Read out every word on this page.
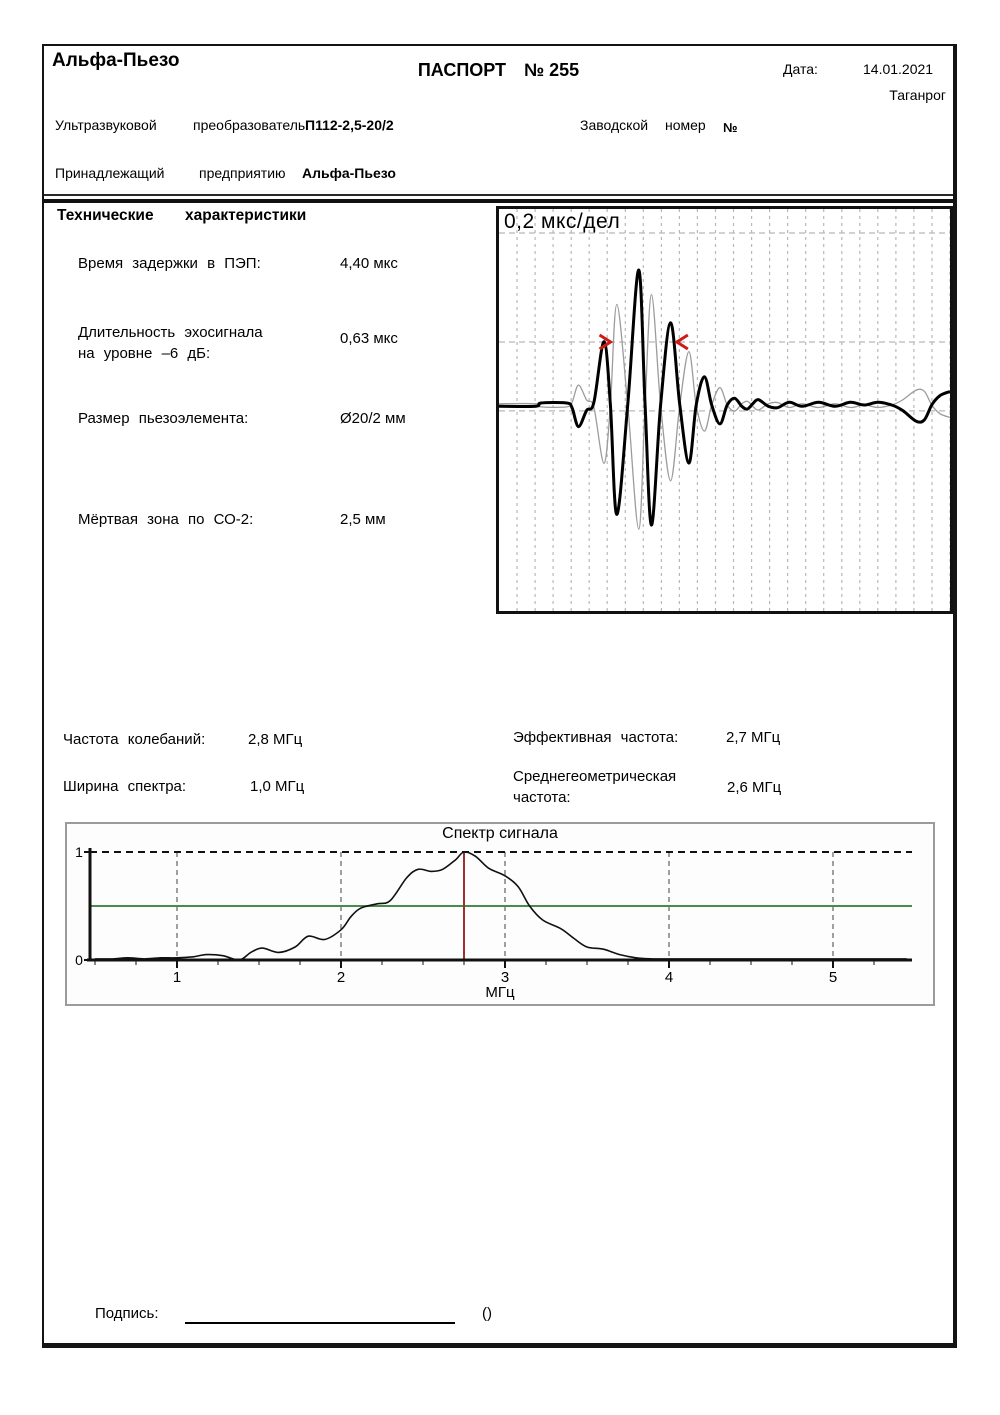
Альфа-Пьезо	ПАСПОРТ № 255	Дата:	14.01.2021
Таганрог
Ультразвуковой	преобразователь П112-2,5-20/2	Заводской номер №
Принадлежащий предприятию Альфа-Пьезо
Технические характеристики
Время задержки в ПЭП:	4,40 мкс
Длительность эхосигнала
на уровне –6 дБ:
0,63 мкс
Размер пьезоэлемента:	Ø20/2 мм
Мёртвая зона по СО-2:	2,5 мм
0,2 мкс/дел
Частота колебаний:	2,8 МГц
Ширина спектра:	1,0 МГц
Эффективная частота:	2,7 МГц
Среднегеометрическая
частота:
2,6 МГц
0
1
1	2	3	4	5
Спектр сигнала
МГц
Подпись:	()
